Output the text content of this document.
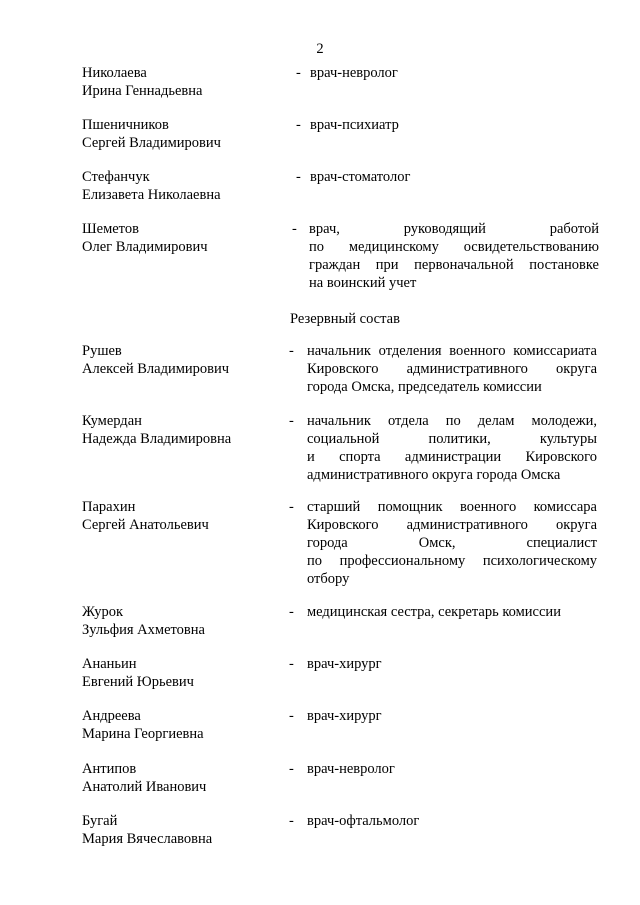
2
Николаева
Ирина Геннадьевна
- врач-невролог
Пшеничников
Сергей Владимирович
- врач-психиатр
Стефанчук
Елизавета Николаевна
- врач-стоматолог
Шеметов
Олег Владимирович
- врач, руководящий работой
по медицинскому освидетельствованию
граждан при первоначальной постановке
на воинский учет
Резервный состав
Рушев
Алексей Владимирович
- начальник отделения военного комиссариата
Кировского административного округа
города Омска, председатель комиссии
Кумердан
Надежда Владимировна
- начальник отдела по делам молодежи,
социальной политики, культуры
и спорта администрации Кировского
административного округа города Омска
Парахин
Сергей Анатольевич
- старший помощник военного комиссара
Кировского административного округа
города Омск, специалист
по профессиональному психологическому
отбору
Журок
Зульфия Ахметовна
- медицинская сестра, секретарь комиссии
Ананьин
Евгений Юрьевич
- врач-хирург
Андреева
Марина Георгиевна
- врач-хирург
Антипов
Анатолий Иванович
- врач-невролог
Бугай
Мария Вячеславовна
- врач-офтальмолог
